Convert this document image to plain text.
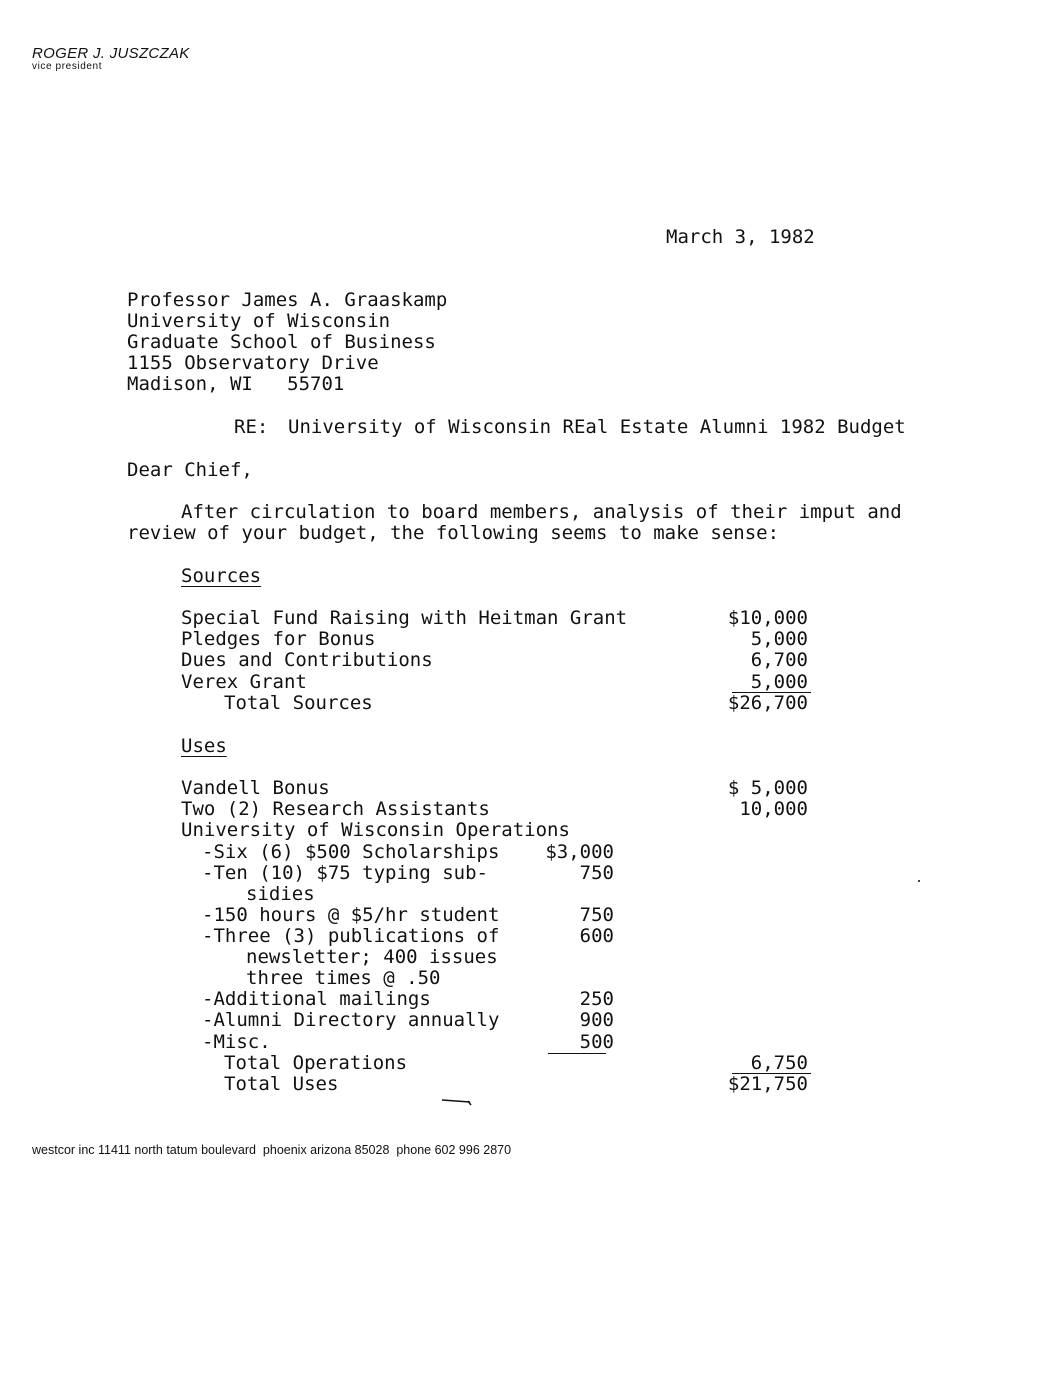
ROGER J. JUSZCZAK
vice president
March 3, 1982
Professor James A. Graaskamp
University of Wisconsin
Graduate School of Business
1155 Observatory Drive
Madison, WI   55701
RE: University of Wisconsin REal Estate Alumni 1982 Budget
Dear Chief,
After circulation to board members, analysis of their imput and
review of your budget, the following seems to make sense:
Sources
Special Fund Raising with Heitman Grant	$10,000
Pledges for Bonus	5,000
Dues and Contributions	6,700
Verex Grant	5,000
Total Sources	$26,700
Uses
Vandell Bonus	$ 5,000
Two (2) Research Assistants	10,000
University of Wisconsin Operations
-Six (6) $500 Scholarships	$3,000
-Ten (10) $75 typing sub-	750
sidies
-150 hours @ $5/hr student	750
-Three (3) publications of	600
newsletter; 400 issues
three times @ .50
-Additional mailings	250
-Alumni Directory annually	900
-Misc.	500
Total Operations	6,750
Total Uses	$21,750
westcor inc 11411 north tatum boulevard  phoenix arizona 85028  phone 602 996 2870
